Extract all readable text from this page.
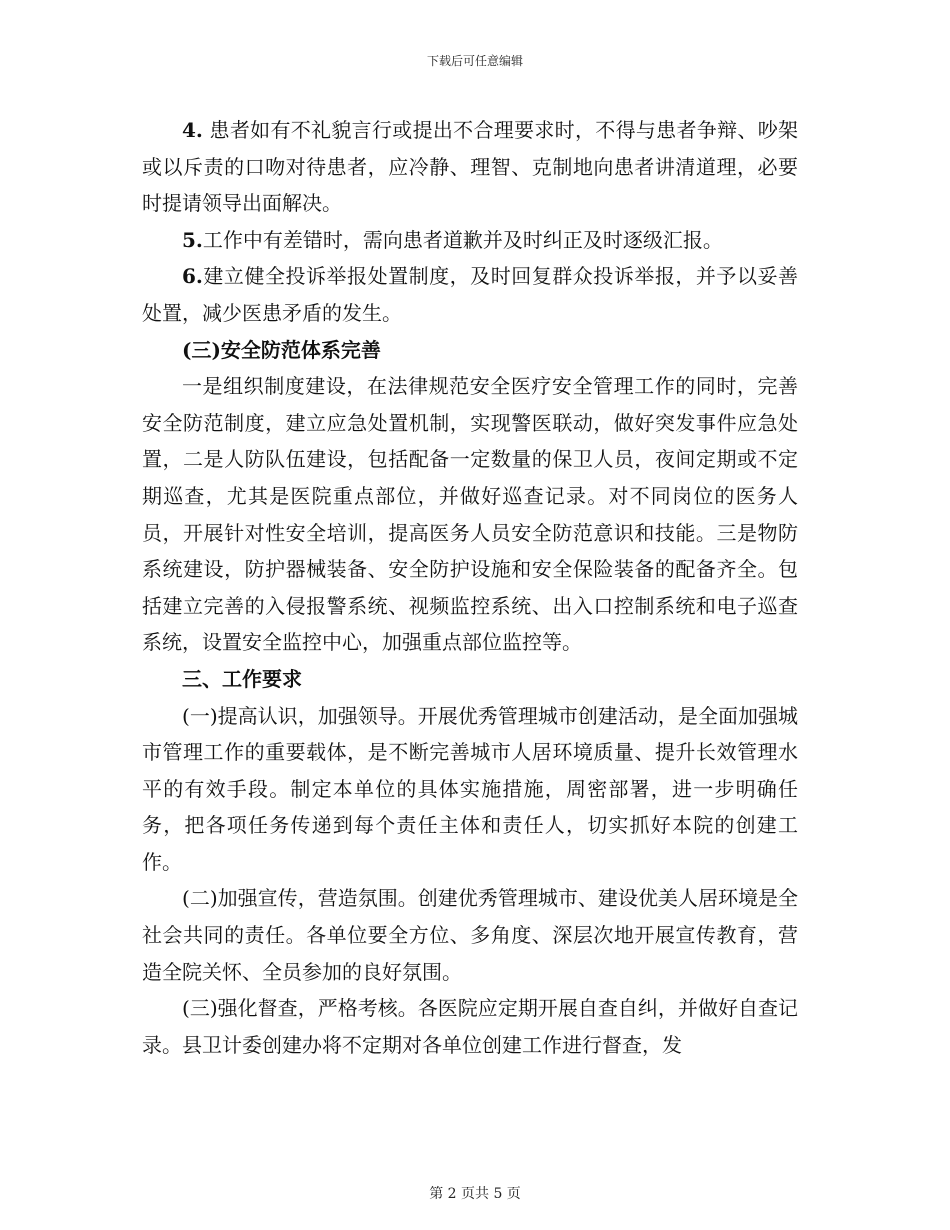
下载后可任意编辑

4. 患者如有不礼貌言行或提出不合理要求时，不得与患者争辩、吵架或以斥责的口吻对待患者，应冷静、理智、克制地向患者讲清道理，必要时提请领导出面解决。

5.工作中有差错时，需向患者道歉并及时纠正及时逐级汇报。

6.建立健全投诉举报处置制度，及时回复群众投诉举报，并予以妥善处置，减少医患矛盾的发生。

(三)安全防范体系完善

一是组织制度建设，在法律规范安全医疗安全管理工作的同时，完善安全防范制度，建立应急处置机制，实现警医联动，做好突发事件应急处置，二是人防队伍建设，包括配备一定数量的保卫人员，夜间定期或不定期巡查，尤其是医院重点部位，并做好巡查记录。对不同岗位的医务人员，开展针对性安全培训，提高医务人员安全防范意识和技能。三是物防系统建设，防护器械装备、安全防护设施和安全保险装备的配备齐全。包括建立完善的入侵报警系统、视频监控系统、出入口控制系统和电子巡查系统，设置安全监控中心，加强重点部位监控等。

三、工作要求

(一)提高认识，加强领导。开展优秀管理城市创建活动，是全面加强城市管理工作的重要载体，是不断完善城市人居环境质量、提升长效管理水平的有效手段。制定本单位的具体实施措施，周密部署，进一步明确任务，把各项任务传递到每个责任主体和责任人，切实抓好本院的创建工作。

(二)加强宣传，营造氛围。创建优秀管理城市、建设优美人居环境是全社会共同的责任。各单位要全方位、多角度、深层次地开展宣传教育，营造全院关怀、全员参加的良好氛围。

(三)强化督查，严格考核。各医院应定期开展自查自纠，并做好自查记录。县卫计委创建办将不定期对各单位创建工作进行督查，发

第 2 页共 5 页
